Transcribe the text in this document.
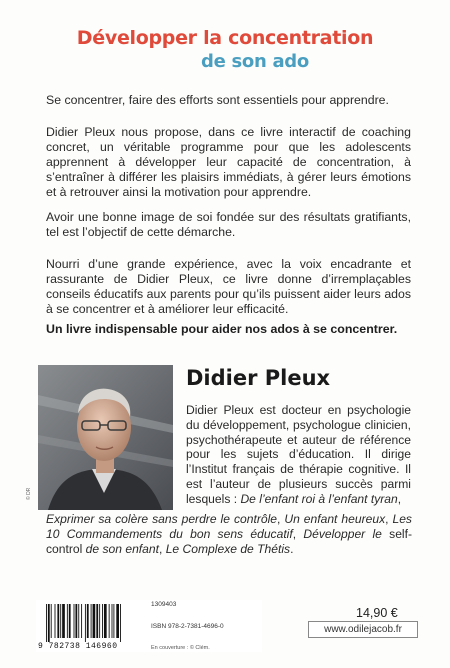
Développer la concentration
de son ado
Se concentrer, faire des efforts sont essentiels pour apprendre.
Didier Pleux nous propose, dans ce livre interactif de coaching concret, un véritable programme pour que les adolescents apprennent à développer leur capacité de concentration, à s’entraîner à différer les plaisirs immédiats, à gérer leurs émotions et à retrouver ainsi la motivation pour apprendre.
Avoir une bonne image de soi fondée sur des résultats gratifiants, tel est l’objectif de cette démarche.
Nourri d’une grande expérience, avec la voix encadrante et rassurante de Didier Pleux, ce livre donne d’irremplaçables conseils éducatifs aux parents pour qu’ils puissent aider leurs ados à se concentrer et à améliorer leur efficacité.
Un livre indispensable pour aider nos ados à se concentrer.
© DR
Didier Pleux
Didier Pleux est docteur en psychologie du développement, psychologue clinicien, psychothérapeute et auteur de référence pour les sujets d’éducation. Il dirige l’Institut français de thérapie cognitive. Il est l’auteur de plusieurs succès parmi lesquels : De l’enfant roi à l’enfant tyran,
Exprimer sa colère sans perdre le contrôle, Un enfant heureux, Les 10 Commandements du bon sens éducatif, Développer le self-control de son enfant, Le Complexe de Thétis.
9 782738 146960
1309403
ISBN 978-2-7381-4696-0
En couverture : © Clém.
14,90 €
www.odilejacob.fr
